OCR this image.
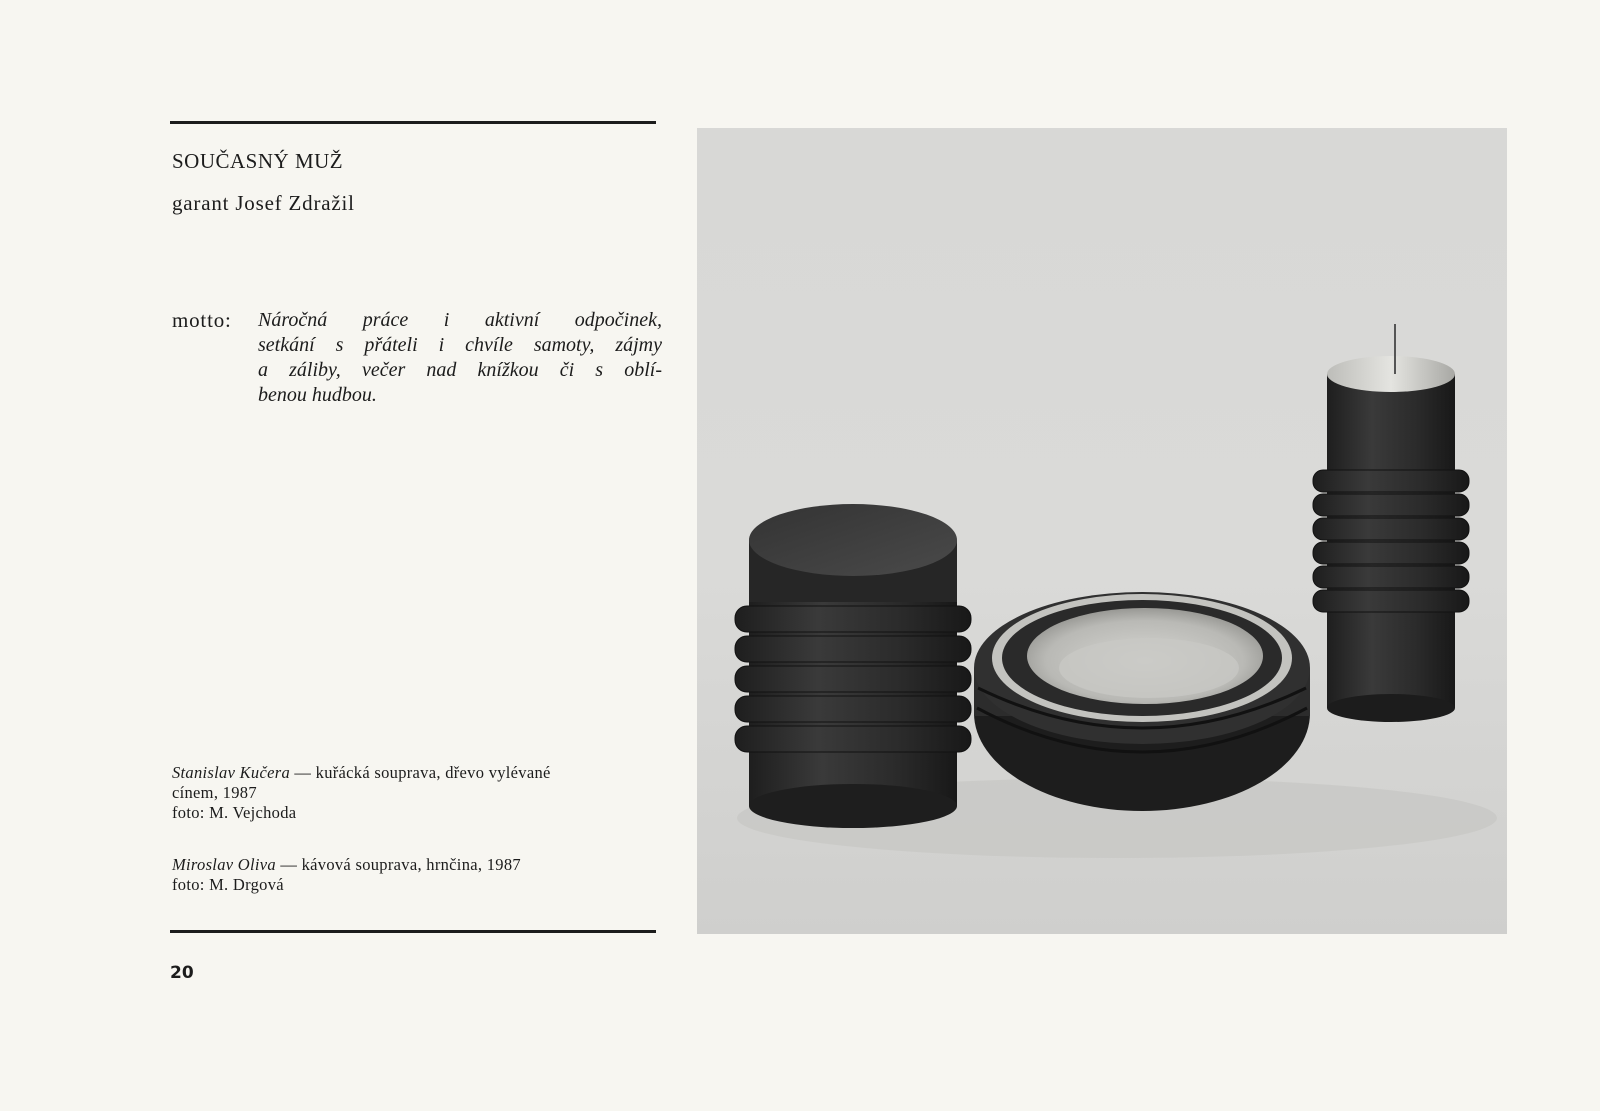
SOUČASNÝ MUŽ
garant Josef Zdražil
motto: Náročná práce i aktivní odpočinek,
setkání s přáteli i chvíle samoty, zájmy
a záliby, večer nad knížkou či s oblí-
benou hudbou.
Stanislav Kučera — kuřácká souprava, dřevo vylévané
cínem, 1987
foto: M. Vejchoda
Miroslav Oliva — kávová souprava, hrnčina, 1987
foto: M. Drgová
20
